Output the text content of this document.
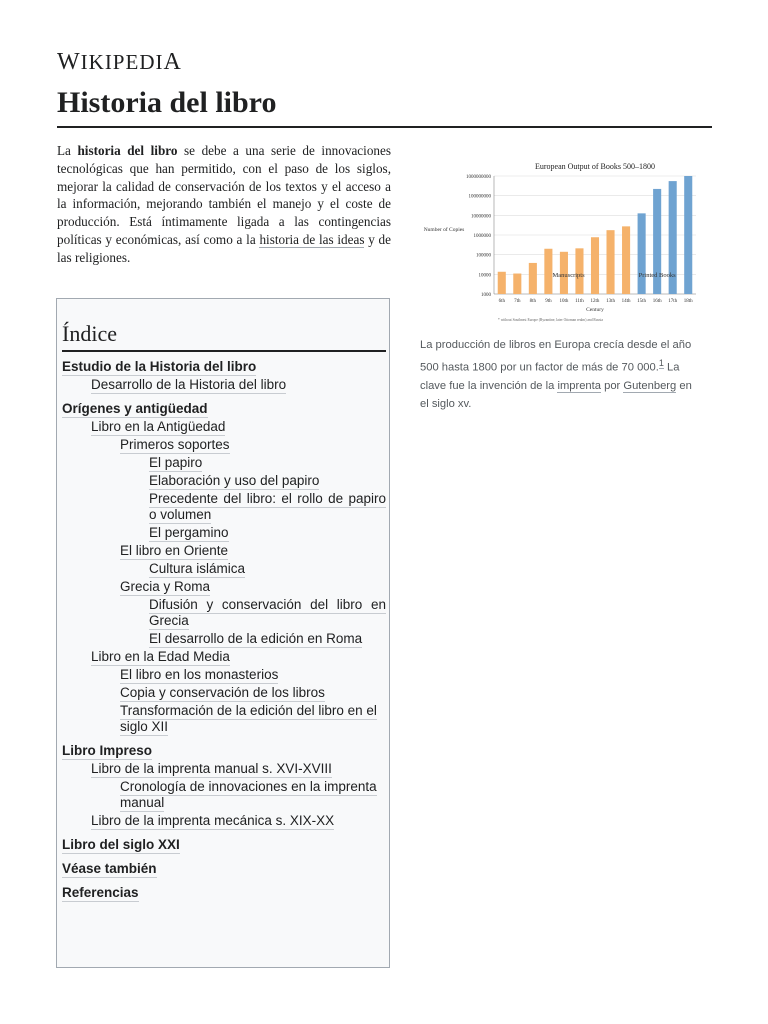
WIKIPEDIA
Historia del libro

La historia del libro se debe a una serie de innovaciones tecnológicas que han permitido, con el paso de los siglos, mejorar la calidad de conservación de los textos y el acceso a la información, mejorando también el manejo y el coste de producción. Está íntimamente ligada a las contingencias políticas y económicas, así como a la historia de las ideas y de las religiones.

Índice
Estudio de la Historia del libro
Desarrollo de la Historia del libro
Orígenes y antigüedad
Libro en la Antigüedad
Primeros soportes
El papiro
Elaboración y uso del papiro
Precedente del libro: el rollo de papiro o volumen
El pergamino
El libro en Oriente
Cultura islámica
Grecia y Roma
Difusión y conservación del libro en Grecia
El desarrollo de la edición en Roma
Libro en la Edad Media
El libro en los monasterios
Copia y conservación de los libros
Transformación de la edición del libro en el siglo XII
Libro Impreso
Libro de la imprenta manual s. XVI-XVIII
Cronología de innovaciones en la imprenta manual
Libro de la imprenta mecánica s. XIX-XX
Libro del siglo XXI
Véase también
Referencias
European Output of Books 500–1800
1000
10000
100000
1000000
10000000
100000000
1000000000
Number of Copies
6th 7th 8th 9th 10th 11th 12th 13th 14th 15th 16th 17th 18th
Century
Manuscripts	Printed Books
* without Southeast Europe (Byzantine, later Ottoman realm) and Russia
La producción de libros en Europa crecía desde el año 500 hasta 1800 por un factor de más de 70 000.$^1$ La clave fue la invención de la imprenta por Gutenberg en el siglo xv.
